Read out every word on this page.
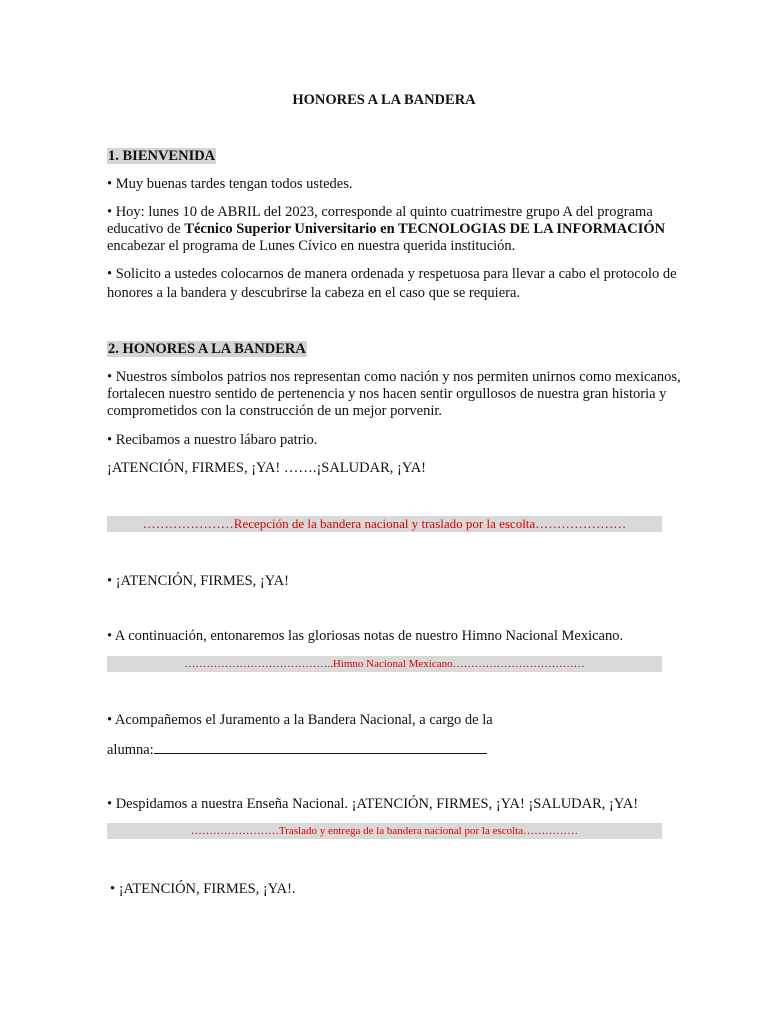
HONORES A LA BANDERA
1. BIENVENIDA
• Muy buenas tardes tengan todos ustedes.
• Hoy: lunes 10 de ABRIL del 2023, corresponde al quinto cuatrimestre grupo A del programa
educativo de Técnico Superior Universitario en TECNOLOGIAS DE LA INFORMACIÓN
encabezar el programa de Lunes Cívico en nuestra querida institución.
• Solicito a ustedes colocarnos de manera ordenada y respetuosa para llevar a cabo el protocolo de
honores a la bandera y descubrirse la cabeza en el caso que se requiera.
2. HONORES A LA BANDERA
• Nuestros símbolos patrios nos representan como nación y nos permiten unirnos como mexicanos,
fortalecen nuestro sentido de pertenencia y nos hacen sentir orgullosos de nuestra gran historia y
comprometidos con la construcción de un mejor porvenir.
• Recibamos a nuestro lábaro patrio.
¡ATENCIÓN, FIRMES, ¡YA! …….¡SALUDAR, ¡YA!
…………………Recepción de la bandera nacional y traslado por la escolta…………………
• ¡ATENCIÓN, FIRMES, ¡YA!
• A continuación, entonaremos las gloriosas notas de nuestro Himno Nacional Mexicano.
…………………………………..Himno Nacional Mexicano………………………………
• Acompañemos el Juramento a la Bandera Nacional, a cargo de la
alumna:
• Despidamos a nuestra Enseña Nacional. ¡ATENCIÓN, FIRMES, ¡YA! ¡SALUDAR, ¡YA!
……………………Traslado y entrega de la bandera nacional por la escolta……………
• ¡ATENCIÓN, FIRMES, ¡YA!.
